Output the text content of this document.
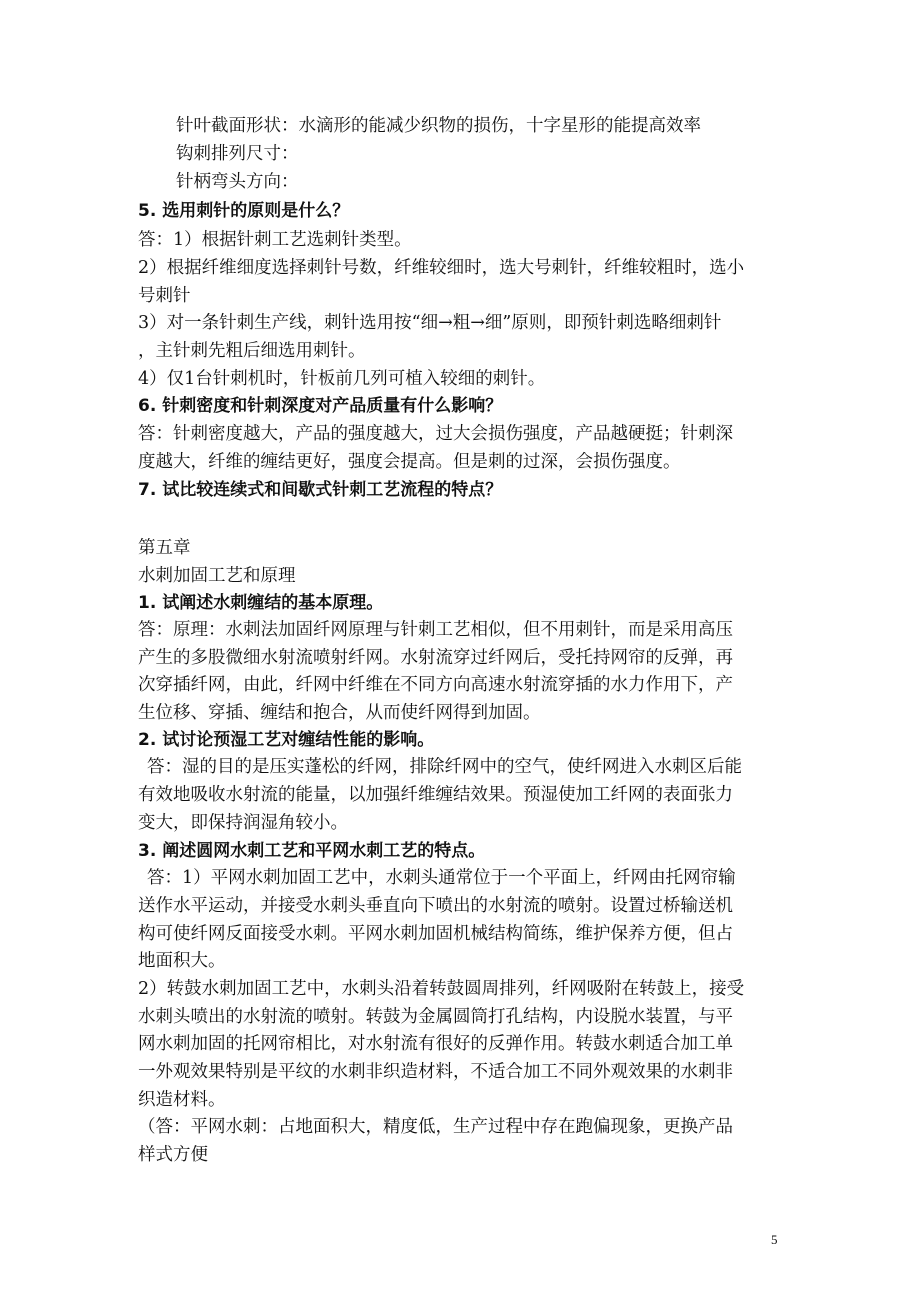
针叶截面形状：水滴形的能减少织物的损伤，十字星形的能提高效率
钩刺排列尺寸：
针柄弯头方向：
5. 选用刺针的原则是什么？
答：1）根据针刺工艺选刺针类型。
2）根据纤维细度选择刺针号数，纤维较细时，选大号刺针，纤维较粗时，选小
号刺针
3）对一条针刺生产线，刺针选用按“细→粗→细”原则，即预针刺选略细刺针
，主针刺先粗后细选用刺针。
4）仅1台针刺机时，针板前几列可植入较细的刺针。
6. 针刺密度和针刺深度对产品质量有什么影响？
答：针刺密度越大，产品的强度越大，过大会损伤强度，产品越硬挺；针刺深
度越大，纤维的缠结更好，强度会提高。但是刺的过深，会损伤强度。
7. 试比较连续式和间歇式针刺工艺流程的特点？
第五章
水刺加固工艺和原理
1. 试阐述水刺缠结的基本原理。
答：原理：水刺法加固纤网原理与针刺工艺相似，但不用刺针，而是采用高压
产生的多股微细水射流喷射纤网。水射流穿过纤网后，受托持网帘的反弹，再
次穿插纤网，由此，纤网中纤维在不同方向高速水射流穿插的水力作用下，产
生位移、穿插、缠结和抱合，从而使纤网得到加固。
2. 试讨论预湿工艺对缠结性能的影响。
答：湿的目的是压实蓬松的纤网，排除纤网中的空气，使纤网进入水刺区后能
有效地吸收水射流的能量，以加强纤维缠结效果。预湿使加工纤网的表面张力
变大，即保持润湿角较小。
3. 阐述圆网水刺工艺和平网水刺工艺的特点。
答：1）平网水刺加固工艺中，水刺头通常位于一个平面上，纤网由托网帘输
送作水平运动，并接受水刺头垂直向下喷出的水射流的喷射。设置过桥输送机
构可使纤网反面接受水刺。平网水刺加固机械结构简练，维护保养方便，但占
地面积大。
2）转鼓水刺加固工艺中，水刺头沿着转鼓圆周排列，纤网吸附在转鼓上，接受
水刺头喷出的水射流的喷射。转鼓为金属圆筒打孔结构，内设脱水装置，与平
网水刺加固的托网帘相比，对水射流有很好的反弹作用。转鼓水刺适合加工单
一外观效果特别是平纹的水刺非织造材料，不适合加工不同外观效果的水刺非
织造材料。
（答：平网水刺：占地面积大，精度低，生产过程中存在跑偏现象，更换产品
样式方便
5
